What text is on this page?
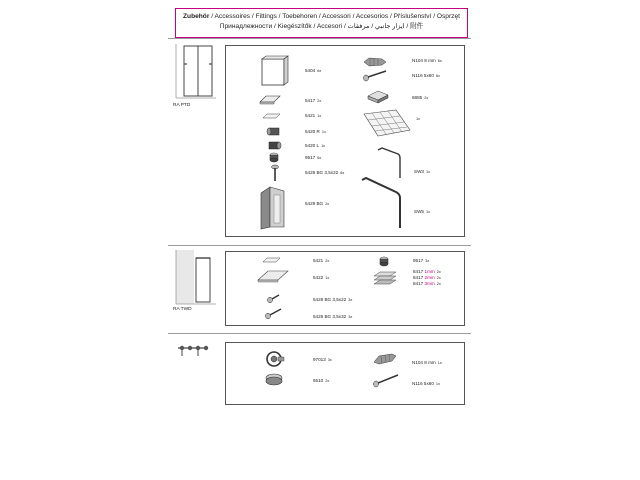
Zubehör / Accessoires / Fittings / Toebehoren / Accessori / Accesorios / Příslušenství / Osprzęt
Принадлежности / Kiegészítők / Accesori / ايزار جانبي / مرفقات / 附件
RA PTD
5404 6x
5417 2x
5421 1x
5420 R 1x
5420 L 1x
9517 6x
5428 BG 3,5x22 6x
5429 BG 2x
N104 8 mm 6x
N116 5x60 6x
6885 2x
1x
SW3 1x
SW5 1x
RA TWD
5421 2x
5422 1x
5428 BG 3,5x22 3x
5428 BG 3,5x32 3x
9517 3x
8417 1mm 2x
8417 2mm 2x
8417 3mm 2x
97013 3x
6510 2x
N104 8 mm 1x
N116 5x60 1x
